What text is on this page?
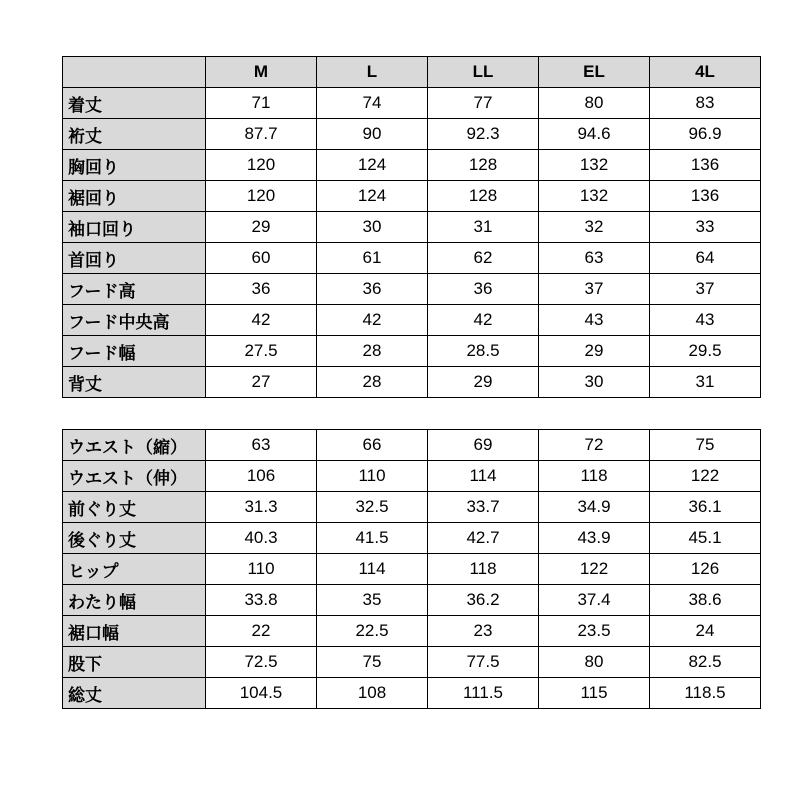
	M	L	LL	EL	4L
着丈	71	74	77	80	83
裄丈	87.7	90	92.3	94.6	96.9
胸回り	120	124	128	132	136
裾回り	120	124	128	132	136
袖口回り	29	30	31	32	33
首回り	60	61	62	63	64
フード高	36	36	36	37	37
フード中央高	42	42	42	43	43
フード幅	27.5	28	28.5	29	29.5
背丈	27	28	29	30	31

ウエスト（縮）	63	66	69	72	75
ウエスト（伸）	106	110	114	118	122
前ぐり丈	31.3	32.5	33.7	34.9	36.1
後ぐり丈	40.3	41.5	42.7	43.9	45.1
ヒップ	110	114	118	122	126
わたり幅	33.8	35	36.2	37.4	38.6
裾口幅	22	22.5	23	23.5	24
股下	72.5	75	77.5	80	82.5
総丈	104.5	108	111.5	115	118.5
